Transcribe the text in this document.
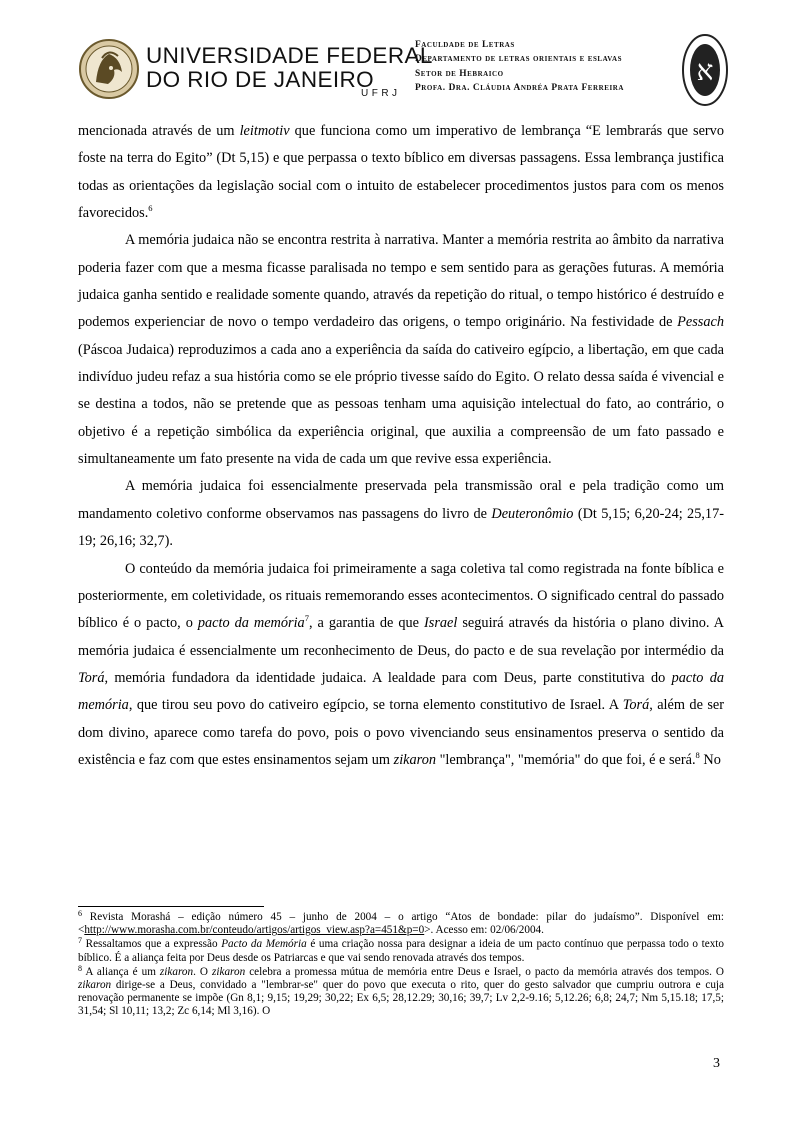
UNIVERSIDADE FEDERAL
DO RIO DE JANEIRO
UFRJ
Faculdade de Letras
Departamento de letras orientais e eslavas
Setor de Hebraico
Profa. Dra. Cláudia Andréa Prata Ferreira
א

mencionada através de um leitmotiv que funciona como um imperativo de lembrança “E lembrarás que servo foste na terra do Egito” (Dt 5,15) e que perpassa o texto bíblico em diversas passagens. Essa lembrança justifica todas as orientações da legislação social com o intuito de estabelecer procedimentos justos para com os menos favorecidos.$^6$

A memória judaica não se encontra restrita à narrativa. Manter a memória restrita ao âmbito da narrativa poderia fazer com que a mesma ficasse paralisada no tempo e sem sentido para as gerações futuras. A memória judaica ganha sentido e realidade somente quando, através da repetição do ritual, o tempo histórico é destruído e podemos experienciar de novo o tempo verdadeiro das origens, o tempo originário. Na festividade de Pessach (Páscoa Judaica) reproduzimos a cada ano a experiência da saída do cativeiro egípcio, a libertação, em que cada indivíduo judeu refaz a sua história como se ele próprio tivesse saído do Egito. O relato dessa saída é vivencial e se destina a todos, não se pretende que as pessoas tenham uma aquisição intelectual do fato, ao contrário, o objetivo é a repetição simbólica da experiência original, que auxilia a compreensão de um fato passado e simultaneamente um fato presente na vida de cada um que revive essa experiência.

A memória judaica foi essencialmente preservada pela transmissão oral e pela tradição como um mandamento coletivo conforme observamos nas passagens do livro de Deuteronômio (Dt 5,15; 6,20-24; 25,17-19; 26,16; 32,7).

O conteúdo da memória judaica foi primeiramente a saga coletiva tal como registrada na fonte bíblica e posteriormente, em coletividade, os rituais rememorando esses acontecimentos. O significado central do passado bíblico é o pacto, o pacto da memória$^7$, a garantia de que Israel seguirá através da história o plano divino. A memória judaica é essencialmente um reconhecimento de Deus, do pacto e de sua revelação por intermédio da Torá, memória fundadora da identidade judaica. A lealdade para com Deus, parte constitutiva do pacto da memória, que tirou seu povo do cativeiro egípcio, se torna elemento constitutivo de Israel. A Torá, além de ser dom divino, aparece como tarefa do povo, pois o povo vivenciando seus ensinamentos preserva o sentido da existência e faz com que estes ensinamentos sejam um zikaron "lembrança", "memória" do que foi, é e será.$^8$ No

$^6$ Revista Morashá – edição número 45 – junho de 2004 – o artigo “Atos de bondade: pilar do judaísmo”. Disponível em: <http://www.morasha.com.br/conteudo/artigos/artigos_view.asp?a=451&p=0>. Acesso em: 02/06/2004.

$^7$ Ressaltamos que a expressão Pacto da Memória é uma criação nossa para designar a ideia de um pacto contínuo que perpassa todo o texto bíblico. É a aliança feita por Deus desde os Patriarcas e que vai sendo renovada através dos tempos.

$^8$ A aliança é um zikaron. O zikaron celebra a promessa mútua de memória entre Deus e Israel, o pacto da memória através dos tempos. O zikaron dirige-se a Deus, convidado a "lembrar-se" quer do povo que executa o rito, quer do gesto salvador que cumpriu outrora e cuja renovação permanente se impõe (Gn 8,1; 9,15; 19,29; 30,22; Ex 6,5; 28,12.29; 30,16; 39,7; Lv 2,2-9.16; 5,12.26; 6,8; 24,7; Nm 5,15.18; 17,5; 31,54; Sl 10,11; 13,2; Zc 6,14; Ml 3,16). O

3
